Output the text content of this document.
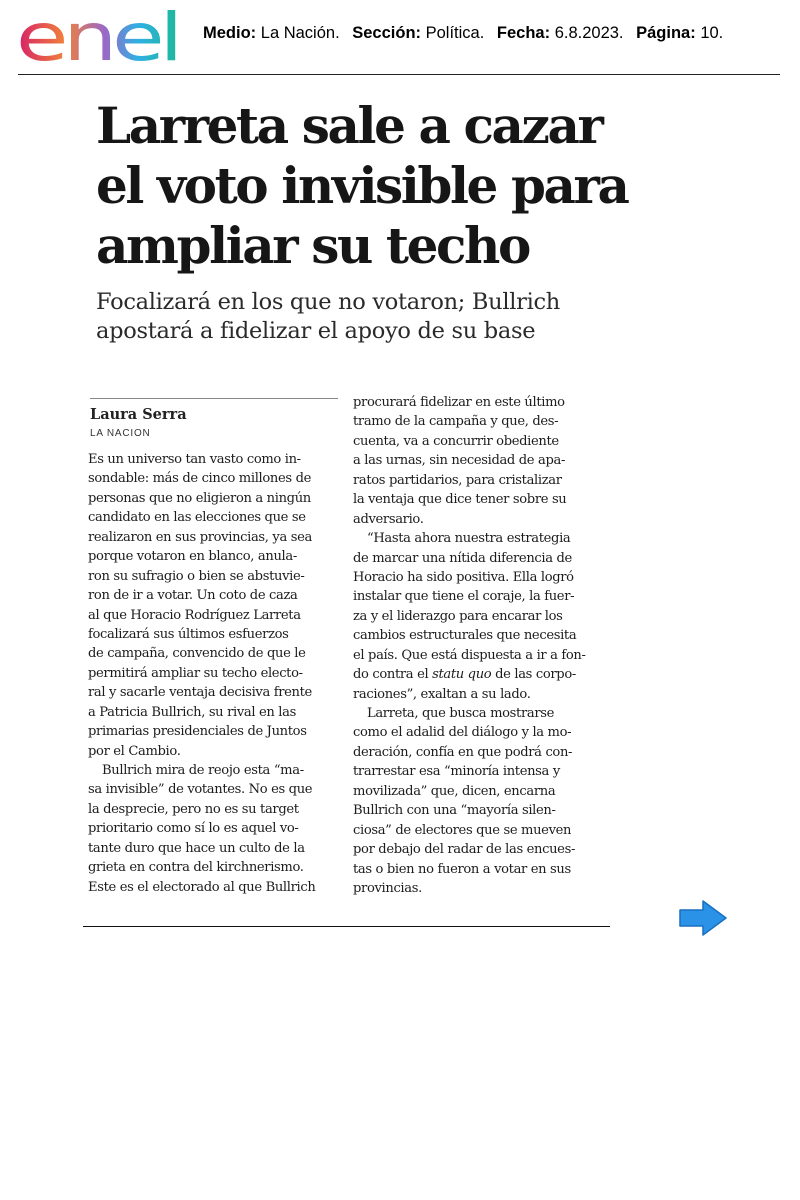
enel Medio: La Nación. Sección: Política. Fecha: 6.8.2023. Página: 10.
Larreta sale a cazar
el voto invisible para
ampliar su techo
Focalizará en los que no votaron; Bullrich
apostará a fidelizar el apoyo de su base
Laura Serra
LA NACION
Es un universo tan vasto como in-
sondable: más de cinco millones de
personas que no eligieron a ningún
candidato en las elecciones que se
realizaron en sus provincias, ya sea
porque votaron en blanco, anula-
ron su sufragio o bien se abstuvie-
ron de ir a votar. Un coto de caza
al que Horacio Rodríguez Larreta
focalizará sus últimos esfuerzos
de campaña, convencido de que le
permitirá ampliar su techo electo-
ral y sacarle ventaja decisiva frente
a Patricia Bullrich, su rival en las
primarias presidenciales de Juntos
por el Cambio.
Bullrich mira de reojo esta “ma-
sa invisible” de votantes. No es que
la desprecie, pero no es su target
prioritario como sí lo es aquel vo-
tante duro que hace un culto de la
grieta en contra del kirchnerismo.
Este es el electorado al que Bullrich
procurará fidelizar en este último
tramo de la campaña y que, des-
cuenta, va a concurrir obediente
a las urnas, sin necesidad de apa-
ratos partidarios, para cristalizar
la ventaja que dice tener sobre su
adversario.
“Hasta ahora nuestra estrategia
de marcar una nítida diferencia de
Horacio ha sido positiva. Ella logró
instalar que tiene el coraje, la fuer-
za y el liderazgo para encarar los
cambios estructurales que necesita
el país. Que está dispuesta a ir a fon-
do contra el statu quo de las corpo-
raciones”, exaltan a su lado.
Larreta, que busca mostrarse
como el adalid del diálogo y la mo-
deración, confía en que podrá con-
trarrestar esa “minoría intensa y
movilizada” que, dicen, encarna
Bullrich con una “mayoría silen-
ciosa” de electores que se mueven
por debajo del radar de las encues-
tas o bien no fueron a votar en sus
provincias.
